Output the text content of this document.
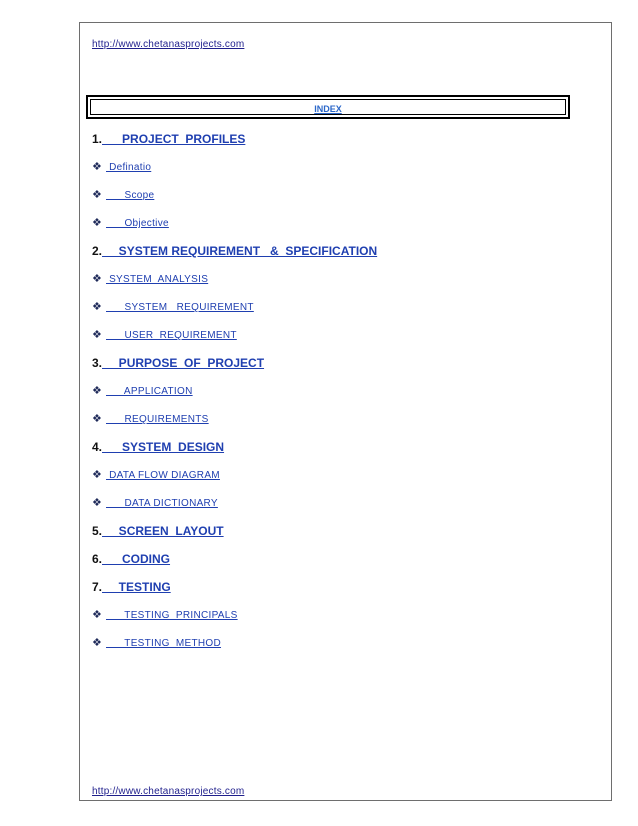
http://www.chetanasprojects.com
INDEX
1.      PROJECT  PROFILES
❖ Definatio
❖      Scope
❖      Objective
2.     SYSTEM REQUIREMENT   &  SPECIFICATION
❖ SYSTEM  ANALYSIS
❖      SYSTEM   REQUIREMENT
❖      USER  REQUIREMENT
3.     PURPOSE  OF  PROJECT
❖      APPLICATION
❖      REQUIREMENTS
4.      SYSTEM  DESIGN
❖ DATA FLOW DIAGRAM
❖      DATA DICTIONARY
5.     SCREEN  LAYOUT
6.      CODING
7.     TESTING
❖      TESTING  PRINCIPALS
❖      TESTING  METHOD
http://www.chetanasprojects.com
